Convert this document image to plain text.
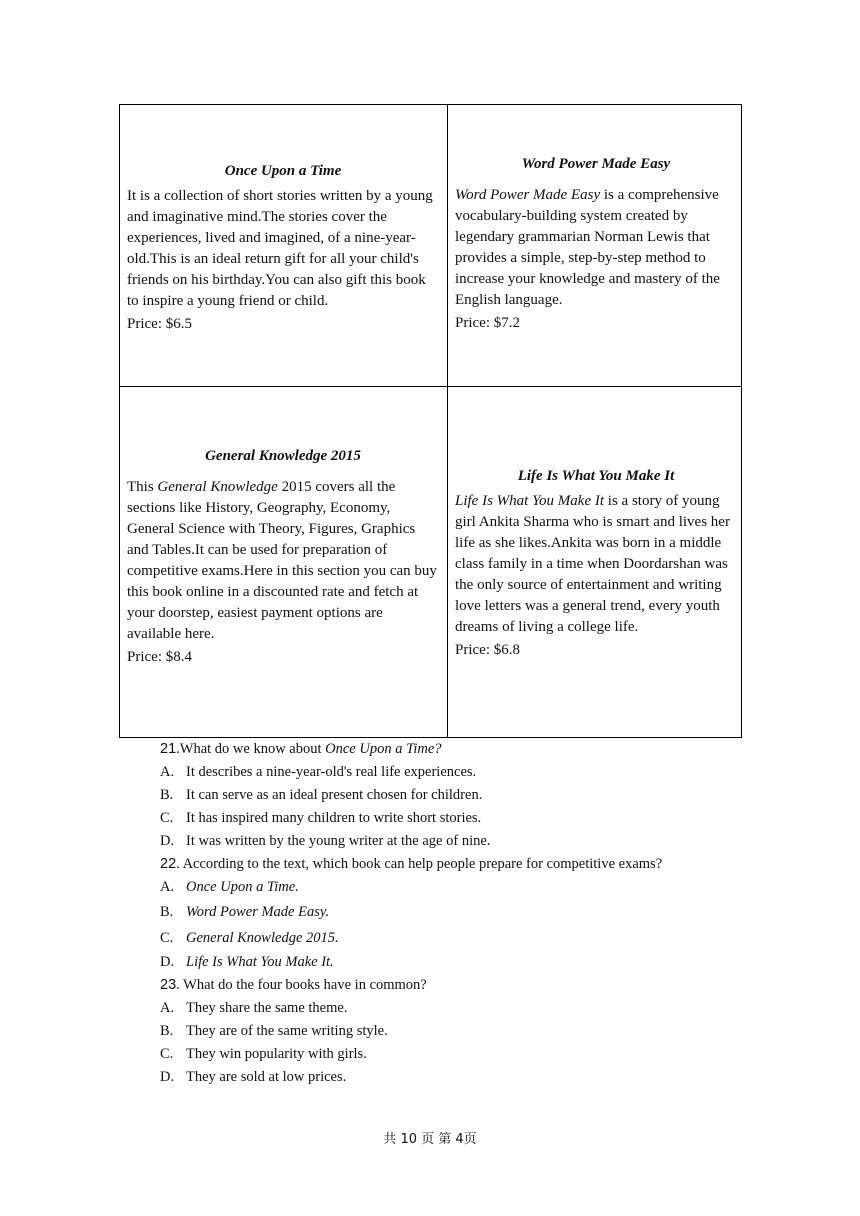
Once Upon a Time

It is a collection of short stories written by a young and imaginative mind.The stories cover the experiences, lived and imagined, of a nine-year-old.This is an ideal return gift for all your child's friends on his birthday.You can also gift this book to inspire a young friend or child.

Price: $6.5

Word Power Made Easy

Word Power Made Easy is a comprehensive vocabulary-building system created by legendary grammarian Norman Lewis that provides a simple, step-by-step method to increase your knowledge and mastery of the English language.

Price: $7.2

General Knowledge 2015

This General Knowledge 2015 covers all the sections like History, Geography, Economy, General Science with Theory, Figures, Graphics and Tables.It can be used for preparation of competitive exams.Here in this section you can buy this book online in a discounted rate and fetch at your doorstep, easiest payment options are available here.

Price: $8.4

Life Is What You Make It

Life Is What You Make It is a story of young girl Ankita Sharma who is smart and lives her life as she likes.Ankita was born in a middle class family in a time when Doordarshan was the only source of entertainment and writing love letters was a general trend, every youth dreams of living a college life.

Price: $6.8

21.What do we know about Once Upon a Time?
A. It describes a nine-year-old's real life experiences.
B. It can serve as an ideal present chosen for children.
C. It has inspired many children to write short stories.
D. It was written by the young writer at the age of nine.
22. According to the text, which book can help people prepare for competitive exams?
A. Once Upon a Time.
B. Word Power Made Easy.
C. General Knowledge 2015.
D. Life Is What You Make It.
23. What do the four books have in common?
A. They share the same theme.
B. They are of the same writing style.
C. They win popularity with girls.
D. They are sold at low prices.
共 10 页 第 4页
